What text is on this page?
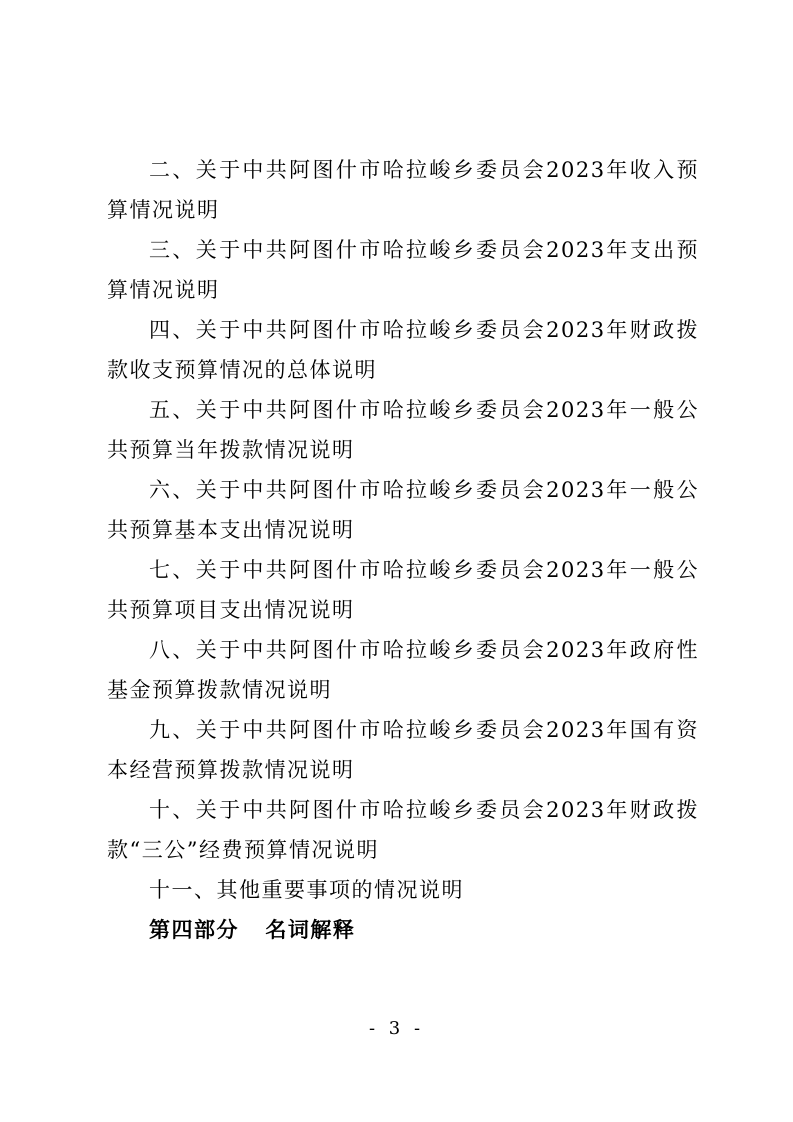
二、关于中共阿图什市哈拉峻乡委员会2023年收入预算情况说明

三、关于中共阿图什市哈拉峻乡委员会2023年支出预算情况说明

四、关于中共阿图什市哈拉峻乡委员会2023年财政拨款收支预算情况的总体说明

五、关于中共阿图什市哈拉峻乡委员会2023年一般公共预算当年拨款情况说明

六、关于中共阿图什市哈拉峻乡委员会2023年一般公共预算基本支出情况说明

七、关于中共阿图什市哈拉峻乡委员会2023年一般公共预算项目支出情况说明

八、关于中共阿图什市哈拉峻乡委员会2023年政府性基金预算拨款情况说明

九、关于中共阿图什市哈拉峻乡委员会2023年国有资本经营预算拨款情况说明

十、关于中共阿图什市哈拉峻乡委员会2023年财政拨款“三公”经费预算情况说明

十一、其他重要事项的情况说明

第四部分   名词解释

- 3 -
